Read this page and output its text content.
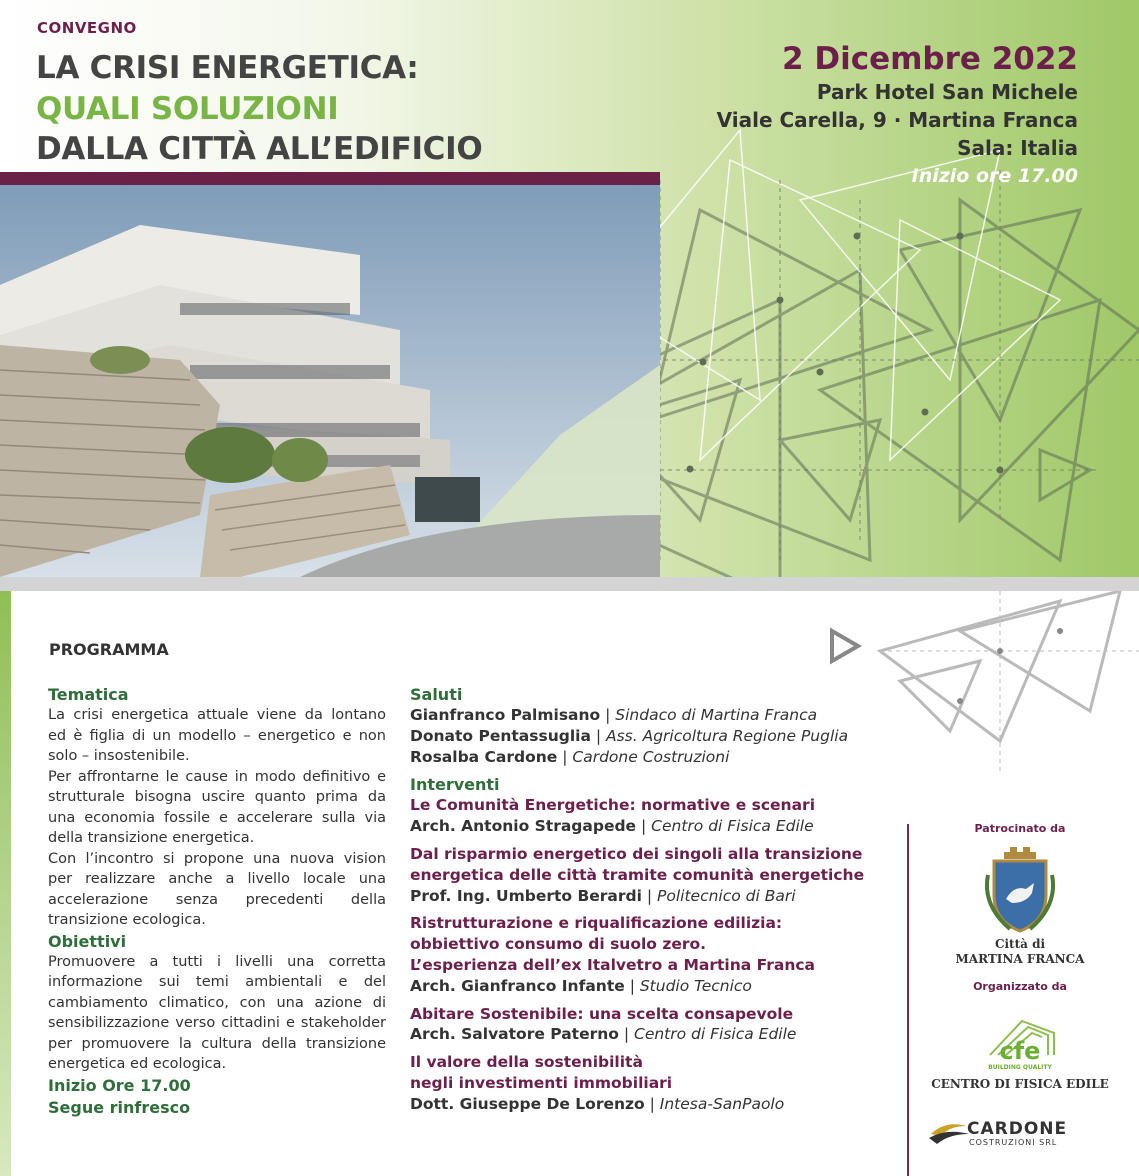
CONVEGNO
LA CRISI ENERGETICA:
QUALI SOLUZIONI
DALLA CITTÀ ALL’EDIFICIO
2 Dicembre 2022
Park Hotel San Michele
Viale Carella, 9 · Martina Franca
Sala: Italia
Inizio ore 17.00
PROGRAMMA
Tematica

La crisi energetica attuale viene da lontano ed è figlia di un modello – energetico e non solo – insostenibile.

Per affrontarne le cause in modo definitivo e strutturale bisogna uscire quanto prima da una economia fossile e accelerare sulla via della transizione energetica.

Con l’incontro si propone una nuova vision per realizzare anche a livello locale una accelerazione senza precedenti della transizione ecologica.

Obiettivi

Promuovere a tutti i livelli una corretta informazione sui temi ambientali e del cambiamento climatico, con una azione di sensibilizzazione verso cittadini e stakeholder per promuovere la cultura della transizione energetica ed ecologica.

Inizio Ore 17.00
Segue rinfresco
Saluti
Gianfranco Palmisano | Sindaco di Martina Franca
Donato Pentassuglia | Ass. Agricoltura Regione Puglia
Rosalba Cardone | Cardone Costruzioni
Interventi
Le Comunità Energetiche: normative e scenari
Arch. Antonio Stragapede | Centro di Fisica Edile
Dal risparmio energetico dei singoli alla transizione
energetica delle città tramite comunità energetiche
Prof. Ing. Umberto Berardi | Politecnico di Bari
Ristrutturazione e riqualificazione edilizia:
obbiettivo consumo di suolo zero.
L’esperienza dell’ex Italvetro a Martina Franca
Arch. Gianfranco Infante | Studio Tecnico
Abitare Sostenibile: una scelta consapevole
Arch. Salvatore Paterno | Centro di Fisica Edile
Il valore della sostenibilità
negli investimenti immobiliari
Dott. Giuseppe De Lorenzo | Intesa-SanPaolo
Patrocinato da
Città di
MARTINA FRANCA
Organizzato da
cfe
BUILDING QUALITY
CENTRO DI FISICA EDILE
CARDONE
COSTRUZIONI SRL
